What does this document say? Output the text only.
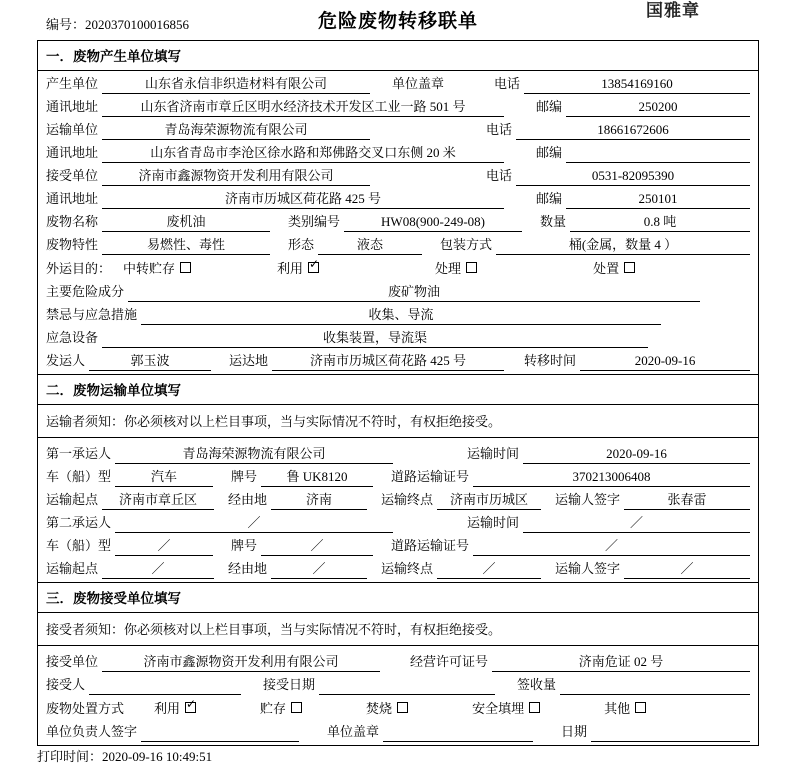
编号：2020370100016856	危险废物转移联单
国雅章
一．废物产生单位填写
产生单位	山东省永信非织造材料有限公司	单位盖章	电话	13854169160
通讯地址	山东省济南市章丘区明水经济技术开发区工业一路 501 号	邮编	250200
运输单位	青岛海荣源物流有限公司	电话	18661672606
通讯地址	山东省青岛市李沧区徐水路和郑佛路交叉口东侧 20 米	邮编
接受单位	济南市鑫源物资开发利用有限公司	电话	0531-82095390
通讯地址	济南市历城区荷花路 425 号	邮编	250101
废物名称	废机油	类别编号	HW08(900-249-08)	数量	0.8 吨
废物特性	易燃性、毒性	形态	液态	包装方式	桶(金属，数量 4 ）
外运目的： 中转贮存	利用 ✓	处理	处置
主要危险成分	废矿物油
禁忌与应急措施	收集、导流
应急设备	收集装置，导流渠
发运人	郭玉波	运达地	济南市历城区荷花路 425 号	转移时间	2020-09-16
二．废物运输单位填写
运输者须知：你必须核对以上栏目事项，当与实际情况不符时，有权拒绝接受。
第一承运人	青岛海荣源物流有限公司	运输时间	2020-09-16
车（船）型	汽车	牌号	鲁 UK8120	道路运输证号	370213006408
运输起点	济南市章丘区	经由地	济南	运输终点	济南市历城区	运输人签字	张春雷
第二承运人	／	运输时间	／
车（船）型	／	牌号	／	道路运输证号	／
运输起点	／	经由地	／	运输终点	／	运输人签字	／
三．废物接受单位填写
接受者须知：你必须核对以上栏目事项，当与实际情况不符时，有权拒绝接受。
接受单位	济南市鑫源物资开发利用有限公司	经营许可证号	济南危证 02 号
接受人	接受日期	签收量
废物处置方式	利用 ✓	贮存	焚烧	安全填埋	其他
单位负责人签字	单位盖章	日期
打印时间：2020-09-16 10:49:51
